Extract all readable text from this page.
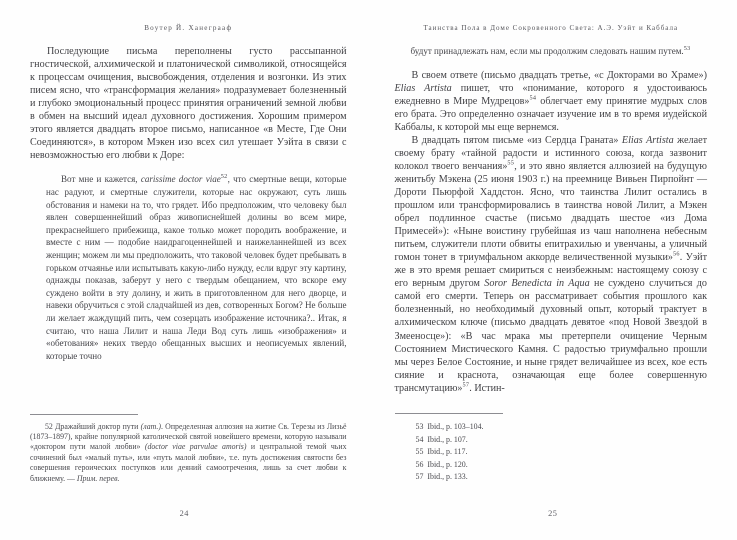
Воутер Й. Ханеграаф

Последующие письма переполнены густо рассыпанной гностической, алхимической и платонической символикой, относящейся к процессам очищения, высвобождения, отделения и возгонки. Из этих писем ясно, что «трансформация желания» подразумевает болезненный и глубоко эмоциональный процесс принятия ограничений земной любви в обмен на высший идеал духовного достижения. Хорошим примером этого является двадцать второе письмо, написанное «в Месте, Где Они Соединяются», в котором Мэкен изо всех сил утешает Уэйта в связи с невозможностью его любви к Доре:

Вот мне и кажется, carissime doctor viae$^{52}$, что смертные вещи, которые нас радуют, и смертные служители, которые нас окружают, суть лишь обстования и намеки на то, что грядет. Ибо предположим, что человеку был явлен совершеннейший образ живописнейшей долины во всем мире, прекраснейшего прибежища, какое только может породить воображение, и вместе с ним — подобие наидрагоценнейшей и наижеланнейшей из всех женщин; можем ли мы предположить, что таковой человек будет пребывать в горьком отчаянье или испытывать какую-либо нужду, если вдруг эту картину, однажды показав, заберут у него с твердым обещанием, что вскоре ему суждено войти в эту долину, и жить в приготовленном для него дворце, и навеки обручиться с этой сладчайшей из дев, сотворенных Богом? Не больше ли желает жаждущий пить, чем созерцать изображение источника?.. Итак, я считаю, что наша Лилит и наша Леди Вод суть лишь «изображения» и «обетования» неких твердо обещанных высших и неописуемых явлений, которые точно

52 Дражайший доктор пути (лат.). Определенная аллюзия на житие Св. Терезы из Лизьё (1873–1897), крайне популярной католической святой новейшего времени, которую называли «доктором пути малой любви» (doctor viae parvulae amoris) и центральной темой чьих сочинений был «малый путь», или «путь малой любви», т.е. путь достижения святости без совершения героических поступков или деяний самоотречения, лишь за счет любви к ближнему. — Прим. перев.

24
Таинства Пола в Доме Сокровенного Света: А.Э. Уэйт и Каббала

будут принадлежать нам, если мы продолжим следовать нашим путем.$^{53}$

В своем ответе (письмо двадцать третье, «с Докторами во Храме») Elias Artista пишет, что «понимание, которого я удостоиваюсь ежедневно в Мире Мудрецов»$^{54}$ облегчает ему принятие мудрых слов его брата. Это определенно означает изучение им в то время иудейской Каббалы, к которой мы еще вернемся.

В двадцать пятом письме «из Сердца Граната» Elias Artista желает своему брату «тайной радости и истинного союза, когда зазвонит колокол твоего венчания»$^{55}$, и это явно является аллюзией на будущую женитьбу Мэкена (25 июня 1903 г.) на преемнице Вивьен Пирпойнт — Дороти Пьюрфой Хаддстон. Ясно, что таинства Лилит остались в прошлом или трансформировались в таинства новой Лилит, а Мэкен обрел подлинное счастье (письмо двадцать шестое «из Дома Примесей»): «Ныне воистину грубейшая из чаш наполнена небесным питьем, служители плоти обвиты епитрахилью и увенчаны, а уличный гомон тонет в триумфальном аккорде величественной музыки»$^{56}$. Уэйт же в это время решает смириться с неизбежным: настоящему союзу с его верным другом Soror Benedicta in Aqua не суждено случиться до самой его смерти. Теперь он рассматривает события прошлого как болезненный, но необходимый духовный опыт, который трактует в алхимическом ключе (письмо двадцать девятое «под Новой Звездой в Змееносце»): «В час мрака мы претерпели очищение Черным Состоянием Мистического Камня. С радостью триумфально прошли мы через Белое Состояние, и ныне грядет величайшее из всех, кое есть сияние и краснота, означающая еще более совершенную трансмутацию»$^{57}$. Истин-

53 Ibid., p. 103–104.

54 Ibid., p. 107.

55 Ibid., p. 117.

56 Ibid., p. 120.

57 Ibid., p. 133.

25
